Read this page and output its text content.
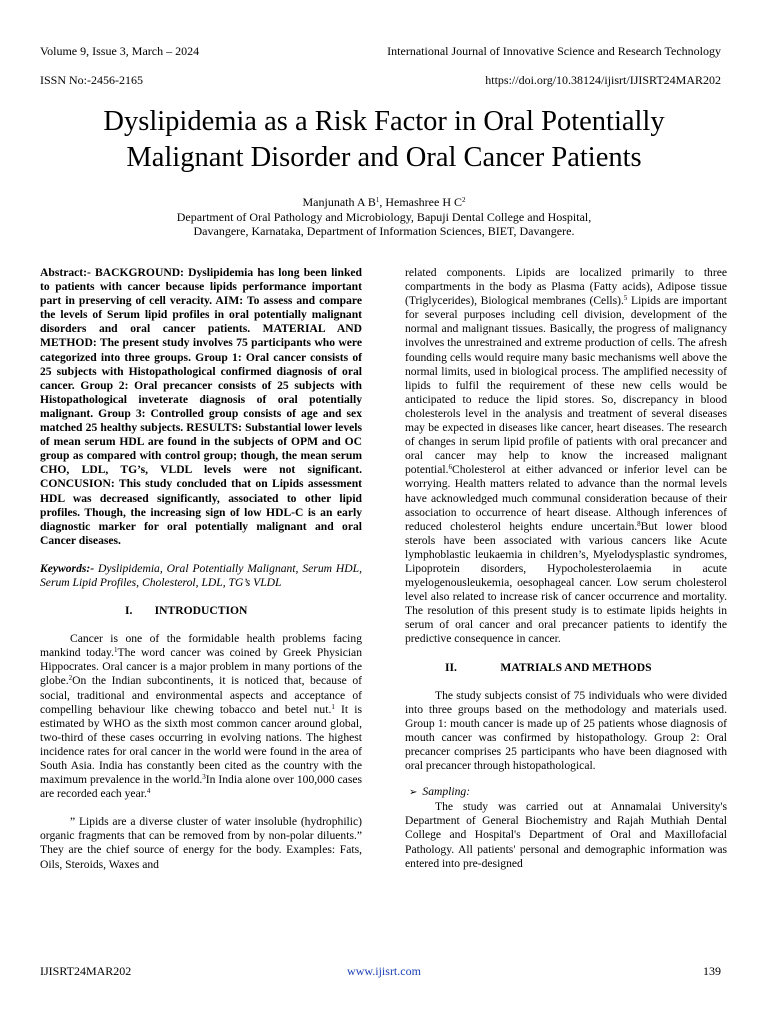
Volume 9, Issue 3, March – 2024	International Journal of Innovative Science and Research Technology
ISSN No:-2456-2165	https://doi.org/10.38124/ijisrt/IJISRT24MAR202
Dyslipidemia as a Risk Factor in Oral Potentially
Malignant Disorder and Oral Cancer Patients
Manjunath A $B^1$, Hemashree H $C^2$
Department of Oral Pathology and Microbiology, Bapuji Dental College and Hospital,
Davangere, Karnataka, Department of Information Sciences, BIET, Davangere.

Abstract:- BACKGROUND: Dyslipidemia has long been linked to patients with cancer because lipids performance important part in preserving of cell veracity. AIM: To assess and compare the levels of Serum lipid profiles in oral potentially malignant disorders and oral cancer patients. MATERIAL AND METHOD: The present study involves 75 participants who were categorized into three groups. Group 1: Oral cancer consists of 25 subjects with Histopathological confirmed diagnosis of oral cancer. Group 2: Oral precancer consists of 25 subjects with Histopathological inveterate diagnosis of oral potentially malignant. Group 3: Controlled group consists of age and sex matched 25 healthy subjects. RESULTS: Substantial lower levels of mean serum HDL are found in the subjects of OPM and OC group as compared with control group; though, the mean serum CHO, LDL, TG’s, VLDL levels were not significant. CONCUSION: This study concluded that on Lipids assessment HDL was decreased significantly, associated to other lipid profiles. Though, the increasing sign of low HDL-C is an early diagnostic marker for oral potentially malignant and oral Cancer diseases.

Keywords:- Dyslipidemia, Oral Potentially Malignant, Serum HDL, Serum Lipid Profiles, Cholesterol, LDL, TG’s VLDL

I. INTRODUCTION

Cancer is one of the formidable health problems facing mankind today.$^1$The word cancer was coined by Greek Physician Hippocrates. Oral cancer is a major problem in many portions of the globe.$^2$On the Indian subcontinents, it is noticed that, because of social, traditional and environmental aspects and acceptance of compelling behaviour like chewing tobacco and betel nut.$^1$ It is estimated by WHO as the sixth most common cancer around global, two-third of these cases occurring in evolving nations. The highest incidence rates for oral cancer in the world were found in the area of South Asia. India has constantly been cited as the country with the maximum prevalence in the world.$^3$In India alone over 100,000 cases are recorded each year.$^4$

” Lipids are a diverse cluster of water insoluble (hydrophilic) organic fragments that can be removed from by non-polar diluents.” They are the chief source of energy for the body. Examples: Fats, Oils, Steroids, Waxes and

related components. Lipids are localized primarily to three compartments in the body as Plasma (Fatty acids), Adipose tissue (Triglycerides), Biological membranes (Cells).$^5$ Lipids are important for several purposes including cell division, development of the normal and malignant tissues. Basically, the progress of malignancy involves the unrestrained and extreme production of cells. The afresh founding cells would require many basic mechanisms well above the normal limits, used in biological process. The amplified necessity of lipids to fulfil the requirement of these new cells would be anticipated to reduce the lipid stores. So, discrepancy in blood cholesterols level in the analysis and treatment of several diseases may be expected in diseases like cancer, heart diseases. The research of changes in serum lipid profile of patients with oral precancer and oral cancer may help to know the increased malignant potential.$^6$Cholesterol at either advanced or inferior level can be worrying. Health matters related to advance than the normal levels have acknowledged much communal consideration because of their association to occurrence of heart disease. Although inferences of reduced cholesterol heights endure uncertain.$^8$But lower blood sterols have been associated with various cancers like Acute lymphoblastic leukaemia in children’s, Myelodysplastic syndromes, Lipoprotein disorders, Hypocholesterolaemia in acute myelogenousleukemia, oesophageal cancer. Low serum cholesterol level also related to increase risk of cancer occurrence and mortality. The resolution of this present study is to estimate lipids heights in serum of oral cancer and oral precancer patients to identify the predictive consequence in cancer.

II.	MATRIALS AND METHODS

The study subjects consist of 75 individuals who were divided into three groups based on the methodology and materials used. Group 1: mouth cancer is made up of 25 patients whose diagnosis of mouth cancer was confirmed by histopathology. Group 2: Oral precancer comprises 25 participants who have been diagnosed with oral precancer through histopathological.

➢ Sampling:

The study was carried out at Annamalai University's Department of General Biochemistry and Rajah Muthiah Dental College and Hospital's Department of Oral and Maxillofacial Pathology. All patients' personal and demographic information was entered into pre-designed

IJISRT24MAR202	www.ijisrt.com	139
